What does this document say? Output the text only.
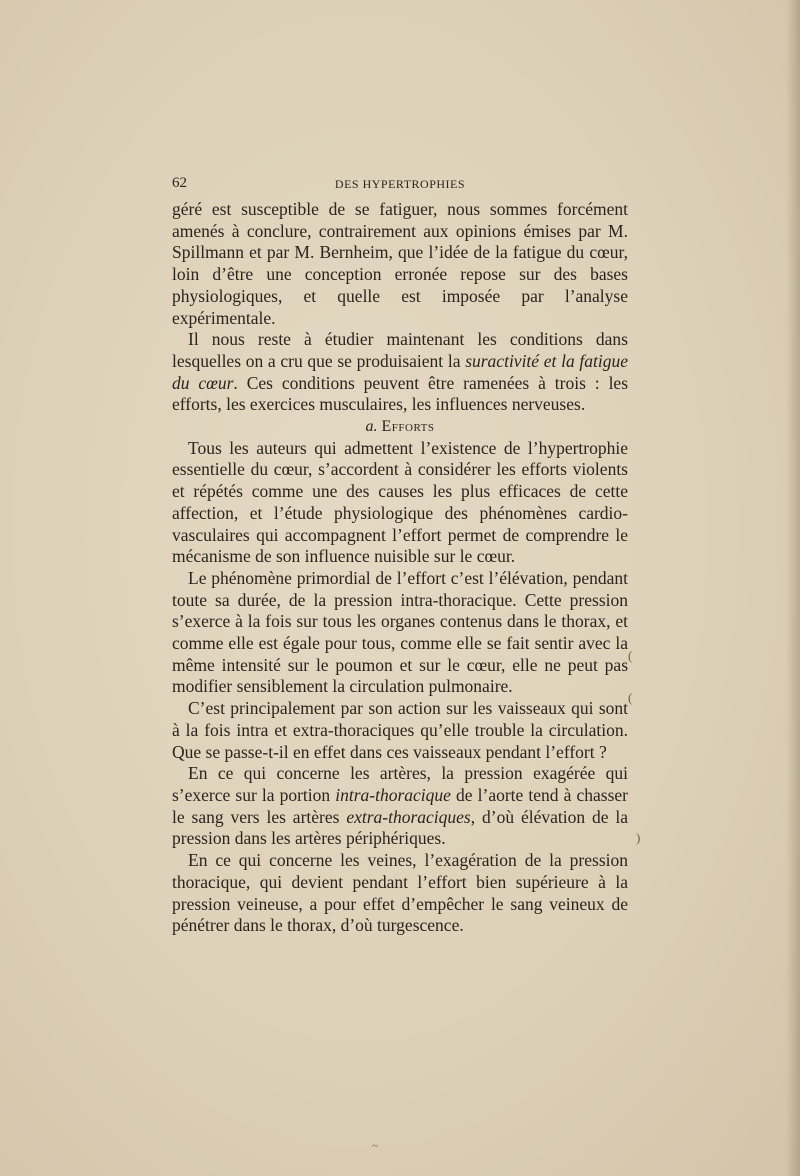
62	DES HYPERTROPHIES

géré est susceptible de se fatiguer, nous sommes forcément amenés à conclure, contrairement aux opinions émises par M. Spillmann et par M. Bernheim, que l’idée de la fatigue du cœur, loin d’être une conception erronée repose sur des bases physiologiques, et quelle est imposée par l’analyse expérimentale.

Il nous reste à étudier maintenant les conditions dans lesquelles on a cru que se produisaient la suractivité et la fatigue du cœur. Ces conditions peuvent être ramenées à trois : les efforts, les exercices musculaires, les influences nerveuses.

a. Efforts

Tous les auteurs qui admettent l’existence de l’hypertrophie essentielle du cœur, s’accordent à considérer les efforts violents et répétés comme une des causes les plus efficaces de cette affection, et l’étude physiologique des phénomènes cardio-vasculaires qui accompagnent l’effort permet de comprendre le mécanisme de son influence nuisible sur le cœur.

Le phénomène primordial de l’effort c’est l’élévation, pendant toute sa durée, de la pression intra-thoracique. Cette pression s’exerce à la fois sur tous les organes contenus dans le thorax, et comme elle est égale pour tous, comme elle se fait sentir avec la même intensité sur le poumon et sur le cœur, elle ne peut pas modifier sensiblement la circulation pulmonaire.

C’est principalement par son action sur les vaisseaux qui sont à la fois intra et extra-thoraciques qu’elle trouble la circulation. Que se passe-t-il en effet dans ces vaisseaux pendant l’effort ?

En ce qui concerne les artères, la pression exagérée qui s’exerce sur la portion intra-thoracique de l’aorte tend à chasser le sang vers les artères extra-thoraciques, d’où élévation de la pression dans les artères périphériques.

En ce qui concerne les veines, l’exagération de la pression thoracique, qui devient pendant l’effort bien supérieure à la pression veineuse, a pour effet d’empêcher le sang veineux de pénétrer dans le thorax, d’où turgescence.

(
(
)
~
